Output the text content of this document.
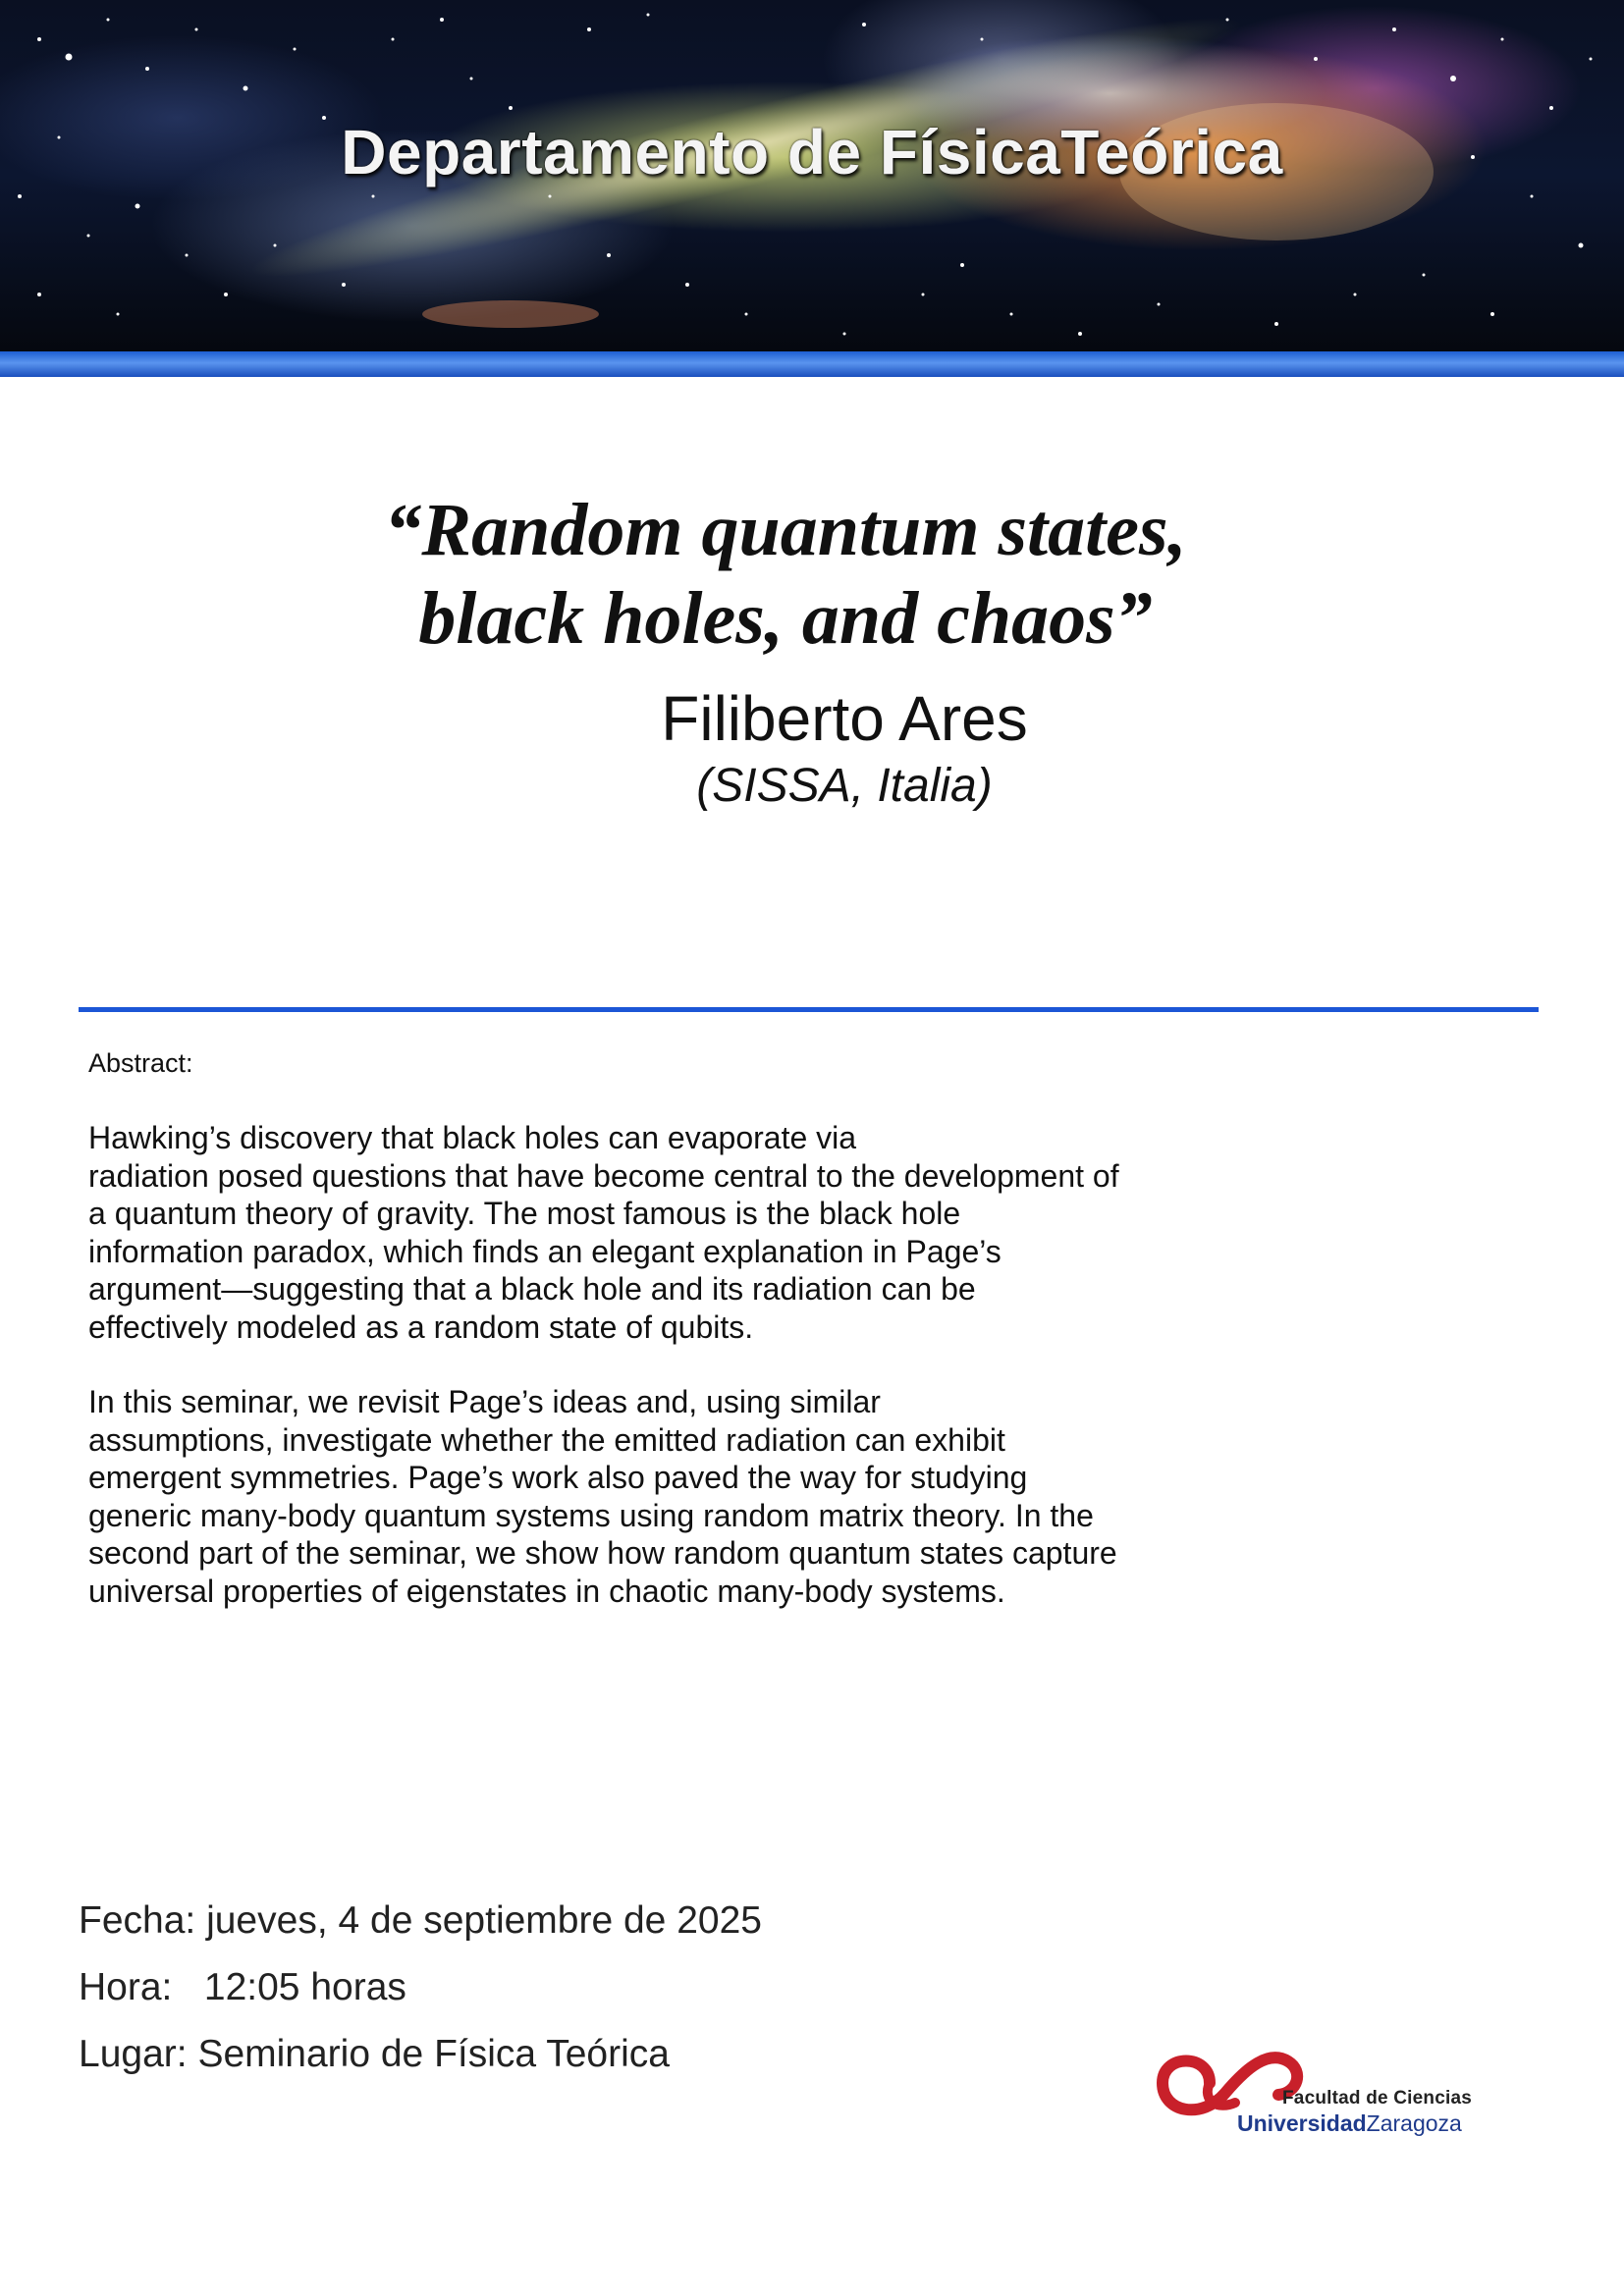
Departamento de FísicaTeórica
“Random quantum states,
black holes, and chaos”
Filiberto Ares
(SISSA, Italia)
Abstract:

Hawking’s discovery that black holes can evaporate via
radiation posed questions that have become central to the development of
a quantum theory of gravity. The most famous is the black hole
information paradox, which finds an elegant explanation in Page’s
argument—suggesting that a black hole and its radiation can be
effectively modeled as a random state of qubits.

In this seminar, we revisit Page’s ideas and, using similar
assumptions, investigate whether the emitted radiation can exhibit
emergent symmetries. Page’s work also paved the way for studying
generic many-body quantum systems using random matrix theory. In the
second part of the seminar, we show how random quantum states capture
universal properties of eigenstates in chaotic many-body systems.

Fecha: jueves, 4 de septiembre de 2025
Hora: 12:05 horas
Lugar: Seminario de Física Teórica
Facultad de Ciencias
UniversidadZaragoza
